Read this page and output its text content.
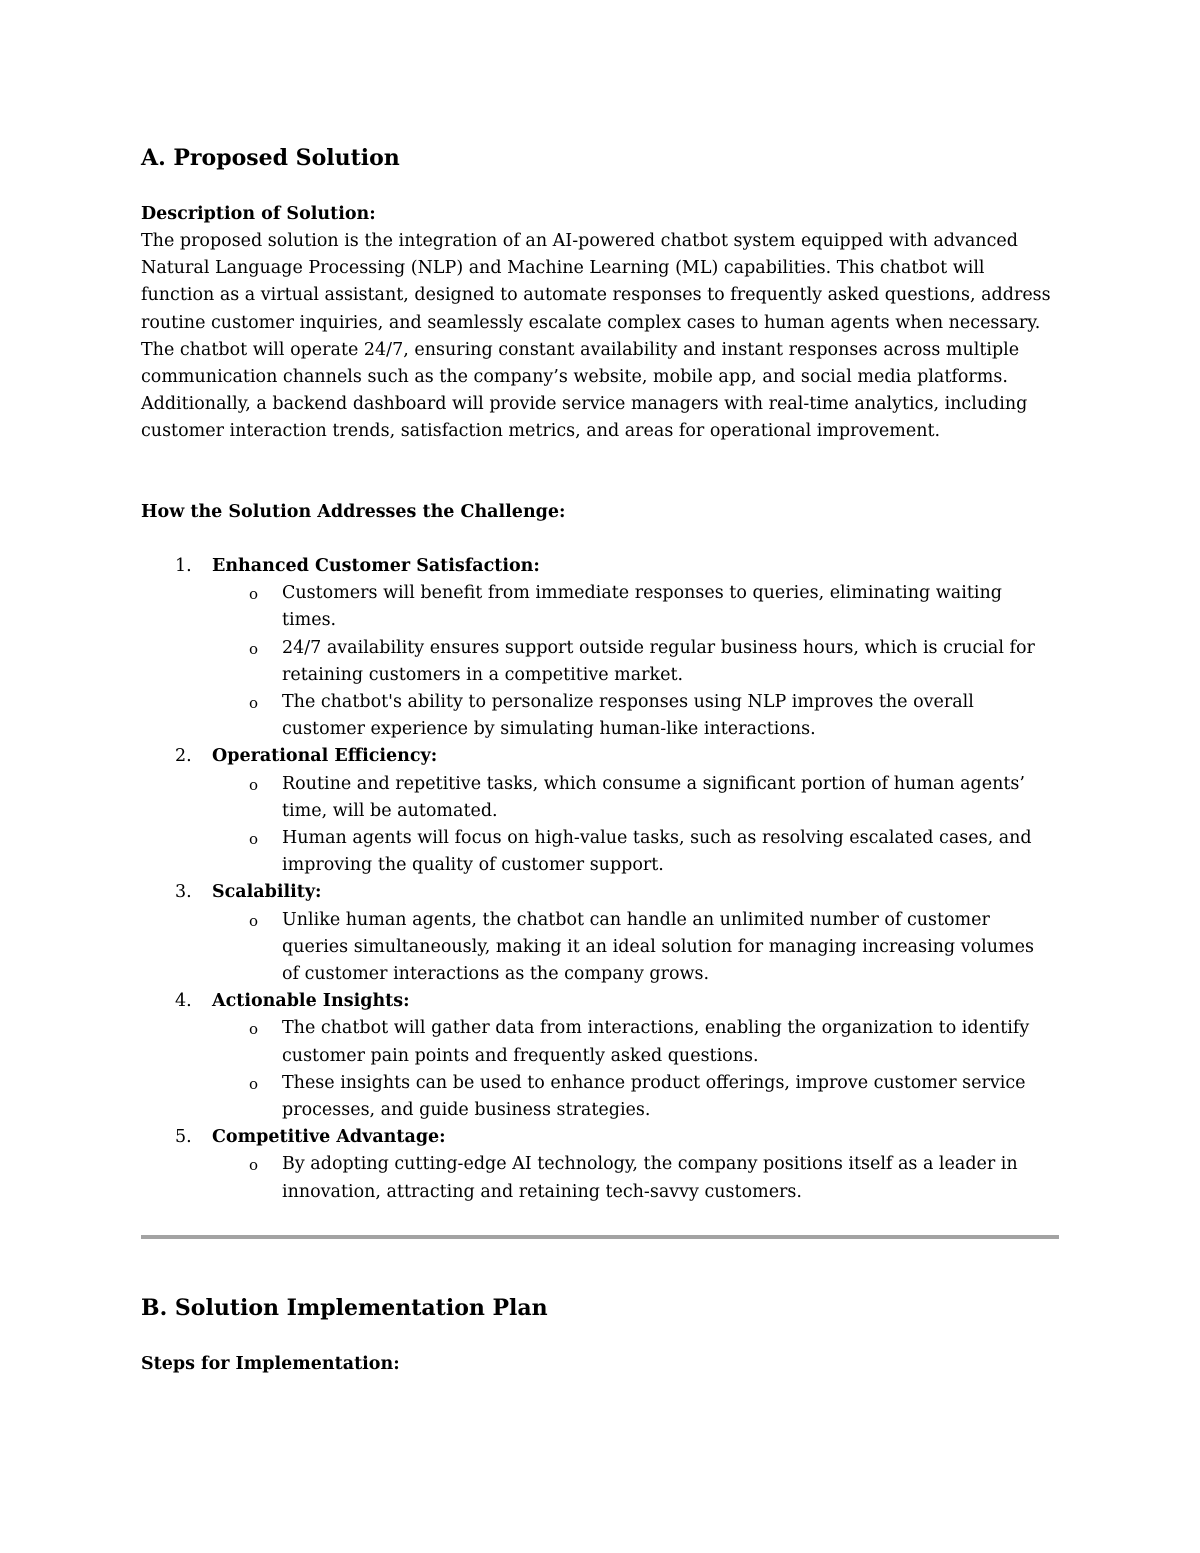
A. Proposed Solution
Description of Solution:

The proposed solution is the integration of an AI-powered chatbot system equipped with advanced Natural Language Processing (NLP) and Machine Learning (ML) capabilities. This chatbot will function as a virtual assistant, designed to automate responses to frequently asked questions, address routine customer inquiries, and seamlessly escalate complex cases to human agents when necessary. The chatbot will operate 24/7, ensuring constant availability and instant responses across multiple communication channels such as the company’s website, mobile app, and social media platforms. Additionally, a backend dashboard will provide service managers with real-time analytics, including customer interaction trends, satisfaction metrics, and areas for operational improvement.

How the Solution Addresses the Challenge:
1. Enhanced Customer Satisfaction:
o Customers will benefit from immediate responses to queries, eliminating waiting times.
o 24/7 availability ensures support outside regular business hours, which is crucial for retaining customers in a competitive market.
o The chatbot's ability to personalize responses using NLP improves the overall customer experience by simulating human-like interactions.
2. Operational Efficiency:
o Routine and repetitive tasks, which consume a significant portion of human agents’ time, will be automated.
o Human agents will focus on high-value tasks, such as resolving escalated cases, and improving the quality of customer support.
3. Scalability:
o Unlike human agents, the chatbot can handle an unlimited number of customer queries simultaneously, making it an ideal solution for managing increasing volumes of customer interactions as the company grows.
4. Actionable Insights:
o The chatbot will gather data from interactions, enabling the organization to identify customer pain points and frequently asked questions.
o These insights can be used to enhance product offerings, improve customer service processes, and guide business strategies.
5. Competitive Advantage:
o By adopting cutting-edge AI technology, the company positions itself as a leader in innovation, attracting and retaining tech-savvy customers.
B. Solution Implementation Plan
Steps for Implementation:
